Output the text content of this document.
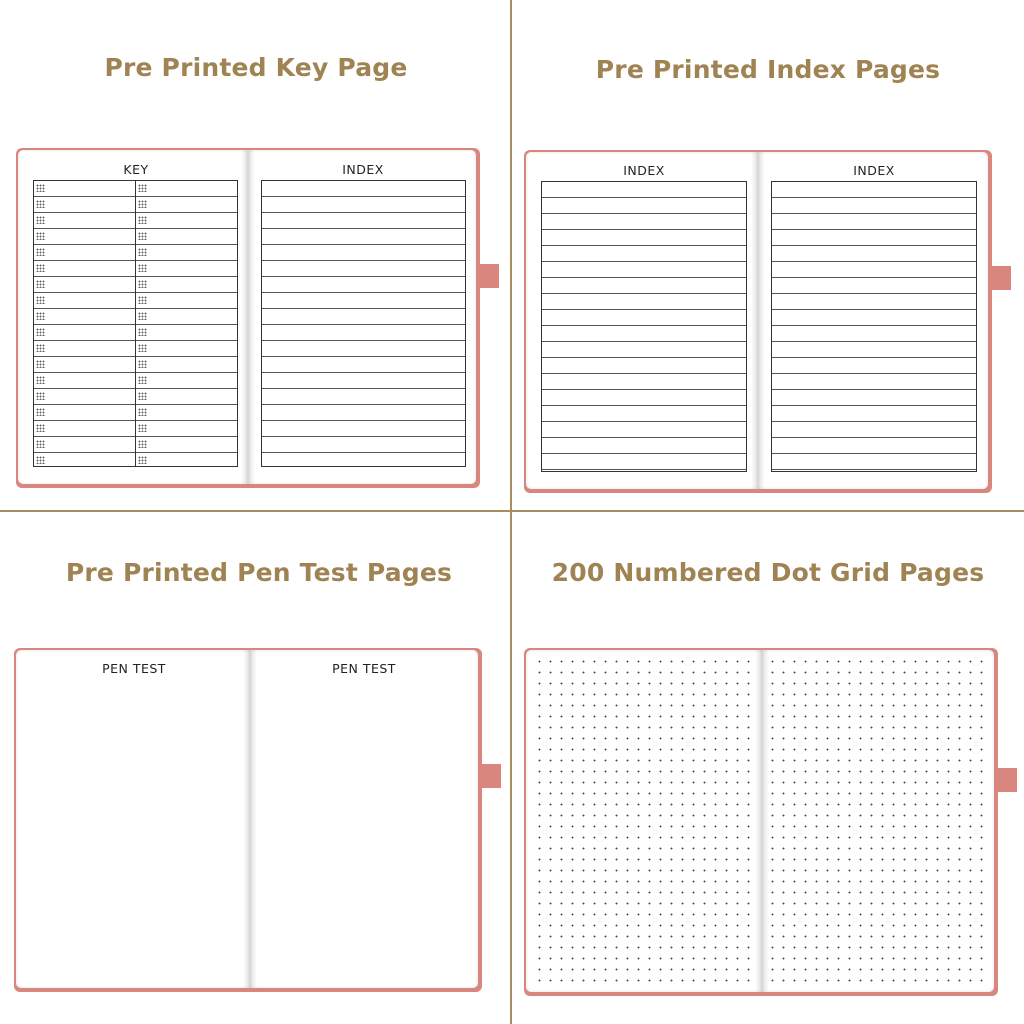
Pre Printed Key Page
KEY	INDEX
Pre Printed Index Pages
INDEX	INDEX
Pre Printed Pen Test Pages
PEN TEST	PEN TEST
200 Numbered Dot Grid Pages
